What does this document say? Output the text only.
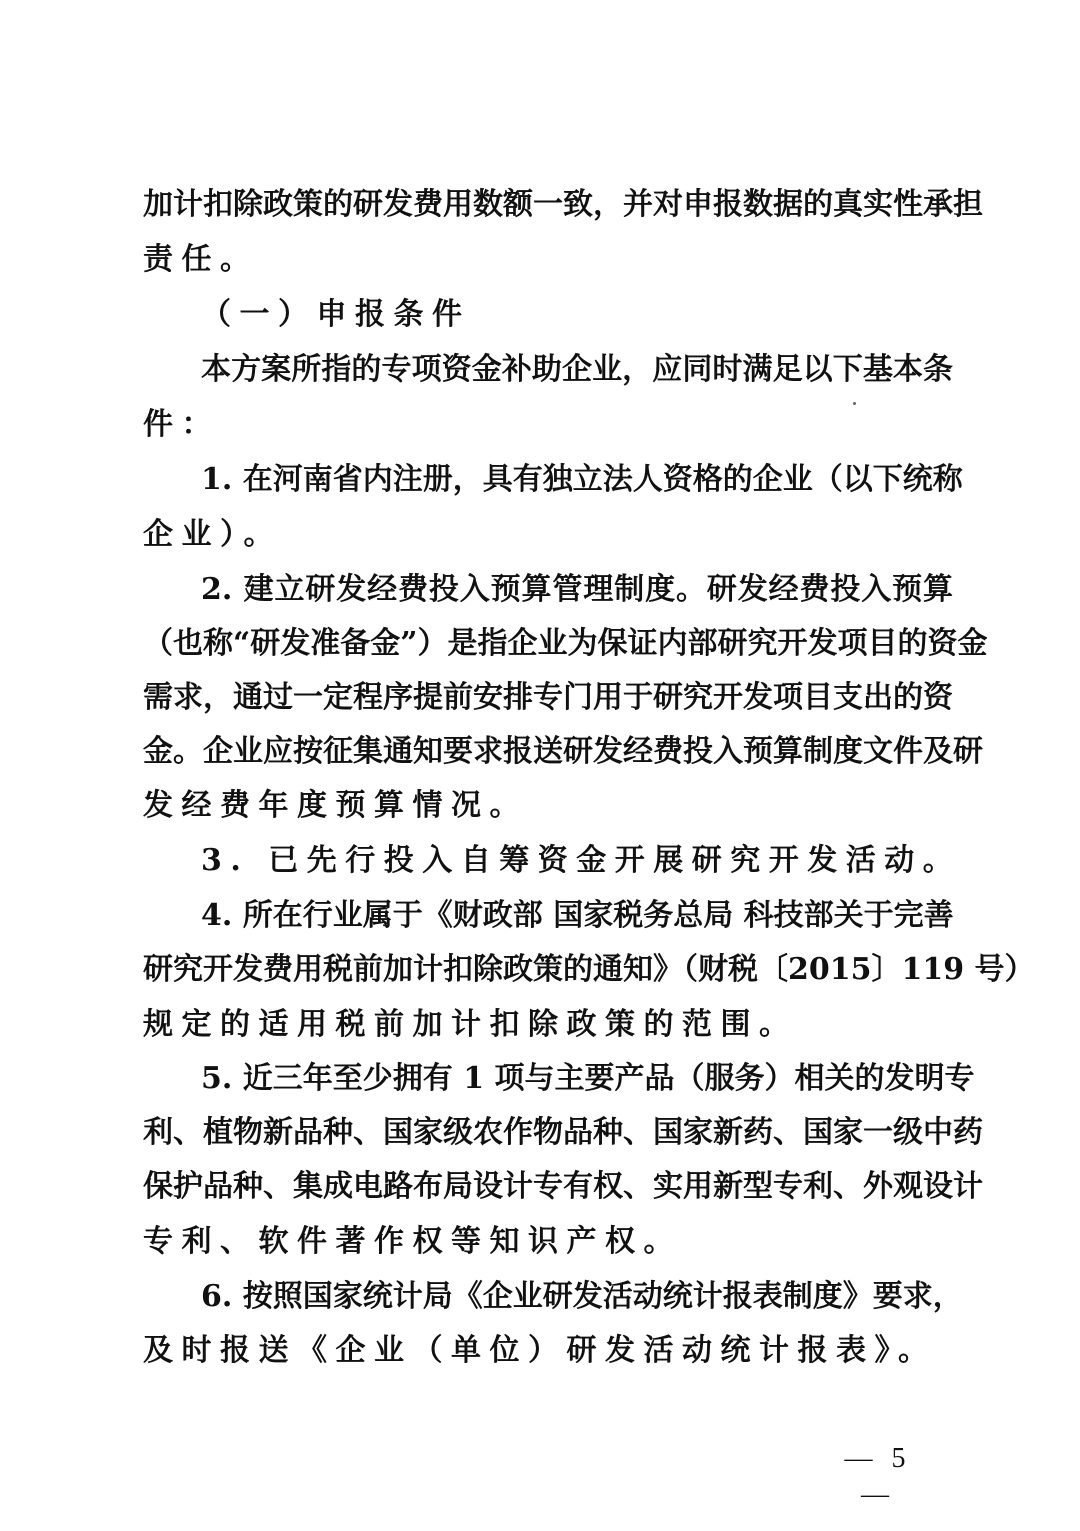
加计扣除政策的研发费用数额一致，并对申报数据的真实性承担
责任。
（一）申报条件
本方案所指的专项资金补助企业，应同时满足以下基本条
件：
1. 在河南省内注册，具有独立法人资格的企业（以下统称
企业）。
2. 建立研发经费投入预算管理制度。研发经费投入预算
（也称“研发准备金”）是指企业为保证内部研究开发项目的资金
需求，通过一定程序提前安排专门用于研究开发项目支出的资
金。企业应按征集通知要求报送研发经费投入预算制度文件及研
发经费年度预算情况。
3. 已先行投入自筹资金开展研究开发活动。
4. 所在行业属于《财政部 国家税务总局 科技部关于完善
研究开发费用税前加计扣除政策的通知》（财税〔2015〕119 号）
规定的适用税前加计扣除政策的范围。
5. 近三年至少拥有 1 项与主要产品（服务）相关的发明专
利、植物新品种、国家级农作物品种、国家新药、国家一级中药
保护品种、集成电路布局设计专有权、实用新型专利、外观设计
专利、软件著作权等知识产权。
6. 按照国家统计局《企业研发活动统计报表制度》要求，
及时报送《企业（单位）研发活动统计报表》。
— 5 —
